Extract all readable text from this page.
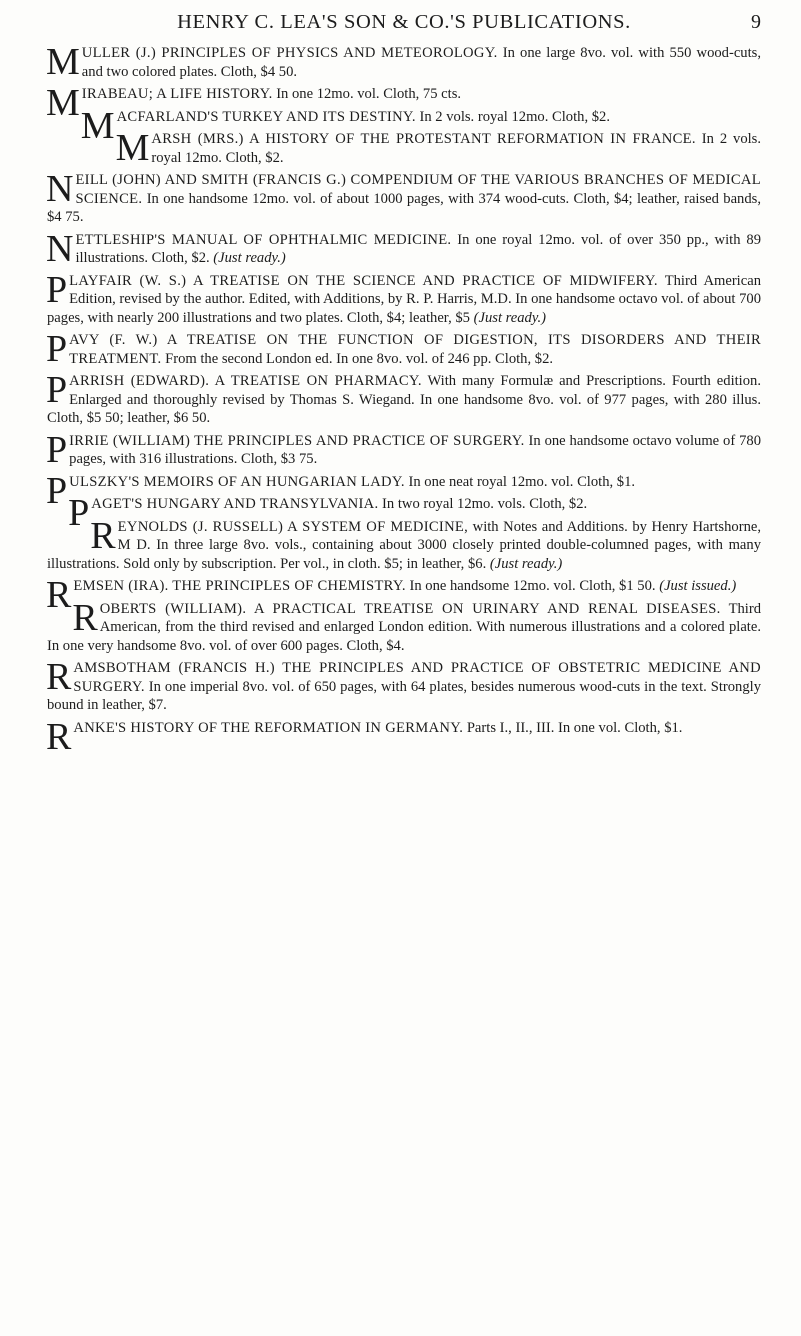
HENRY C. LEA'S SON & CO.'S PUBLICATIONS.	9
MULLER (J.) PRINCIPLES OF PHYSICS AND METEOROLOGY. In one large 8vo. vol. with 550 wood-cuts, and two colored plates. Cloth, $4 50.
MIRABEAU; A LIFE HISTORY. In one 12mo. vol. Cloth, 75 cts.
MACFARLAND'S TURKEY AND ITS DESTINY. In 2 vols. royal 12mo. Cloth, $2.
MARSH (MRS.) A HISTORY OF THE PROTESTANT REFORMATION IN FRANCE. In 2 vols. royal 12mo. Cloth, $2.
NEILL (JOHN) AND SMITH (FRANCIS G.) COMPENDIUM OF THE VARIOUS BRANCHES OF MEDICAL SCIENCE. In one handsome 12mo. vol. of about 1000 pages, with 374 wood-cuts. Cloth, $4; leather, raised bands, $4 75.
NETTLESHIP'S MANUAL OF OPHTHALMIC MEDICINE. In one royal 12mo. vol. of over 350 pp., with 89 illustrations. Cloth, $2. (Just ready.)
PLAYFAIR (W. S.) A TREATISE ON THE SCIENCE AND PRACTICE OF MIDWIFERY. Third American Edition, revised by the author. Edited, with Additions, by R. P. Harris, M.D. In one handsome octavo vol. of about 700 pages, with nearly 200 illustrations and two plates. Cloth, $4; leather, $5 (Just ready.)
PAVY (F. W.) A TREATISE ON THE FUNCTION OF DIGESTION, ITS DISORDERS AND THEIR TREATMENT. From the second London ed. In one 8vo. vol. of 246 pp. Cloth, $2.
PARRISH (EDWARD). A TREATISE ON PHARMACY. With many Formulæ and Prescriptions. Fourth edition. Enlarged and thoroughly revised by Thomas S. Wiegand. In one handsome 8vo. vol. of 977 pages, with 280 illus. Cloth, $5 50; leather, $6 50.
PIRRIE (WILLIAM) THE PRINCIPLES AND PRACTICE OF SURGERY. In one handsome octavo volume of 780 pages, with 316 illustrations. Cloth, $3 75.
PULSZKY'S MEMOIRS OF AN HUNGARIAN LADY. In one neat royal 12mo. vol. Cloth, $1.
PAGET'S HUNGARY AND TRANSYLVANIA. In two royal 12mo. vols. Cloth, $2.
REYNOLDS (J. RUSSELL) A SYSTEM OF MEDICINE, with Notes and Additions. by Henry Hartshorne, M D. In three large 8vo. vols., containing about 3000 closely printed double-columned pages, with many illustrations. Sold only by subscription. Per vol., in cloth. $5; in leather, $6. (Just ready.)
REMSEN (IRA). THE PRINCIPLES OF CHEMISTRY. In one handsome 12mo. vol. Cloth, $1 50. (Just issued.)
ROBERTS (WILLIAM). A PRACTICAL TREATISE ON URINARY AND RENAL DISEASES. Third American, from the third revised and enlarged London edition. With numerous illustrations and a colored plate. In one very handsome 8vo. vol. of over 600 pages. Cloth, $4.
RAMSBOTHAM (FRANCIS H.) THE PRINCIPLES AND PRACTICE OF OBSTETRIC MEDICINE AND SURGERY. In one imperial 8vo. vol. of 650 pages, with 64 plates, besides numerous wood-cuts in the text. Strongly bound in leather, $7.
RANKE'S HISTORY OF THE REFORMATION IN GERMANY. Parts I., II., III. In one vol. Cloth, $1.
